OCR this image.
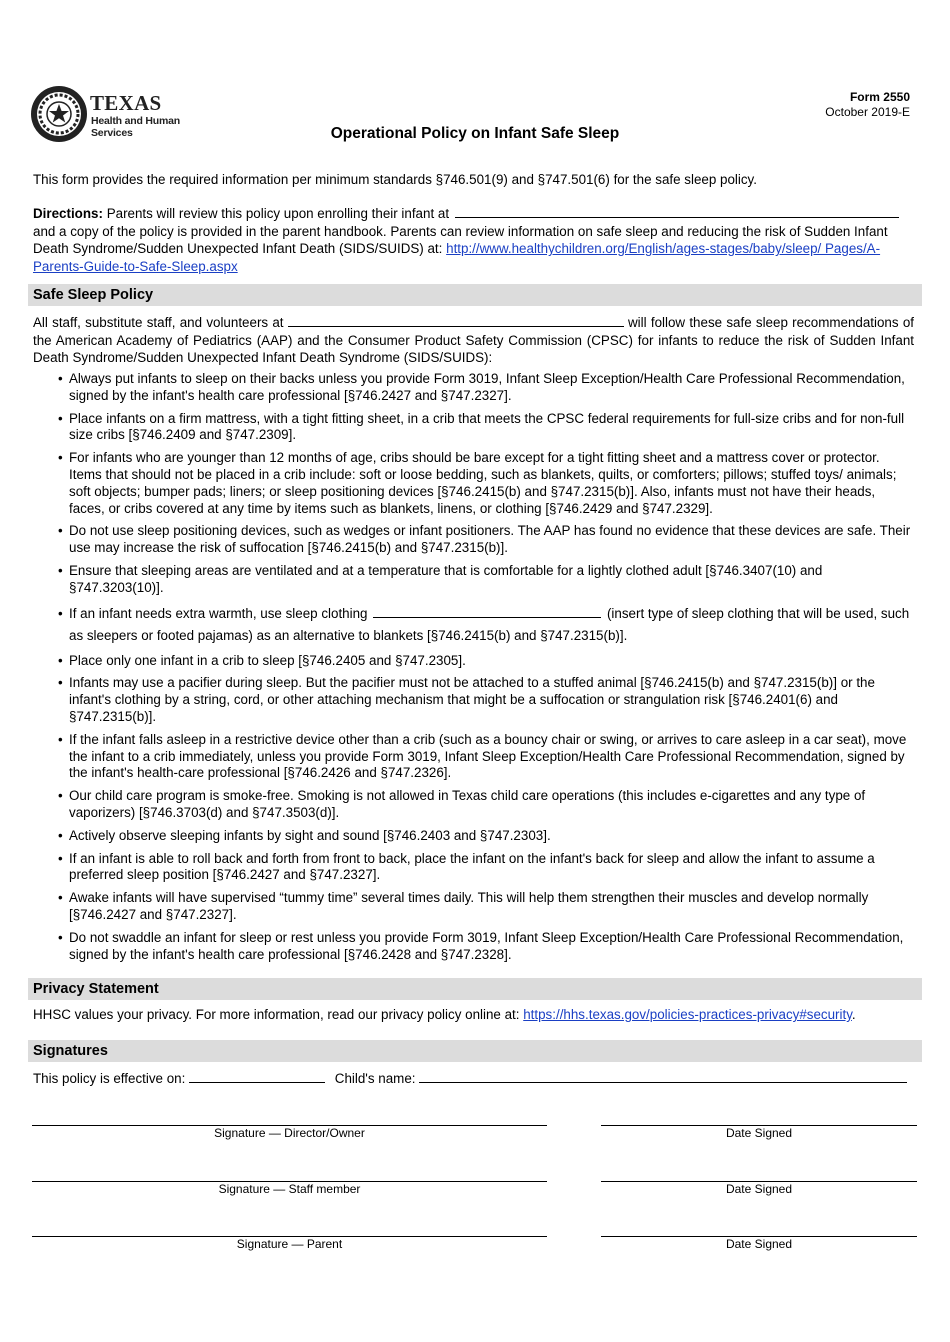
TEXAS
Health and Human
Services
Form 2550
October 2019-E
Operational Policy on Infant Safe Sleep
This form provides the required information per minimum standards §746.501(9) and §747.501(6) for the safe sleep policy.
Directions: Parents will review this policy upon enrolling their infant at
and a copy of the policy is provided in the parent handbook. Parents can review information on safe sleep and reducing the risk of Sudden Infant Death Syndrome/Sudden Unexpected Infant Death (SIDS/SUIDS) at: http://www.healthychildren.org/English/ages-stages/baby/sleep/ Pages/A-Parents-Guide-to-Safe-Sleep.aspx
Safe Sleep Policy
All staff, substitute staff, and volunteers at	will follow these safe sleep recommendations of the American Academy of Pediatrics (AAP) and the Consumer Product Safety Commission (CPSC) for infants to reduce the risk of Sudden Infant Death Syndrome/Sudden Unexpected Infant Death Syndrome (SIDS/SUIDS):
• Always put infants to sleep on their backs unless you provide Form 3019, Infant Sleep Exception/Health Care Professional Recommendation, signed by the infant's health care professional [§746.2427 and §747.2327].
• Place infants on a firm mattress, with a tight fitting sheet, in a crib that meets the CPSC federal requirements for full-size cribs and for non-full size cribs [§746.2409 and §747.2309].
• For infants who are younger than 12 months of age, cribs should be bare except for a tight fitting sheet and a mattress cover or protector. Items that should not be placed in a crib include: soft or loose bedding, such as blankets, quilts, or comforters; pillows; stuffed toys/ animals; soft objects; bumper pads; liners; or sleep positioning devices [§746.2415(b) and §747.2315(b)]. Also, infants must not have their heads, faces, or cribs covered at any time by items such as blankets, linens, or clothing [§746.2429 and §747.2329].
• Do not use sleep positioning devices, such as wedges or infant positioners. The AAP has found no evidence that these devices are safe. Their use may increase the risk of suffocation [§746.2415(b) and §747.2315(b)].
• Ensure that sleeping areas are ventilated and at a temperature that is comfortable for a lightly clothed adult [§746.3407(10) and §747.3203(10)].
• If an infant needs extra warmth, use sleep clothing	(insert type of sleep clothing that will be used, such as sleepers or footed pajamas) as an alternative to blankets [§746.2415(b) and §747.2315(b)].
• Place only one infant in a crib to sleep [§746.2405 and §747.2305].
• Infants may use a pacifier during sleep. But the pacifier must not be attached to a stuffed animal [§746.2415(b) and §747.2315(b)] or the infant's clothing by a string, cord, or other attaching mechanism that might be a suffocation or strangulation risk [§746.2401(6) and §747.2315(b)].
• If the infant falls asleep in a restrictive device other than a crib (such as a bouncy chair or swing, or arrives to care asleep in a car seat), move the infant to a crib immediately, unless you provide Form 3019, Infant Sleep Exception/Health Care Professional Recommendation, signed by the infant's health-care professional [§746.2426 and §747.2326].
• Our child care program is smoke-free. Smoking is not allowed in Texas child care operations (this includes e-cigarettes and any type of vaporizers) [§746.3703(d) and §747.3503(d)].
• Actively observe sleeping infants by sight and sound [§746.2403 and §747.2303].
• If an infant is able to roll back and forth from front to back, place the infant on the infant's back for sleep and allow the infant to assume a preferred sleep position [§746.2427 and §747.2327].
• Awake infants will have supervised “tummy time” several times daily. This will help them strengthen their muscles and develop normally [§746.2427 and §747.2327].
• Do not swaddle an infant for sleep or rest unless you provide Form 3019, Infant Sleep Exception/Health Care Professional Recommendation, signed by the infant's health care professional [§746.2428 and §747.2328].
Privacy Statement
HHSC values your privacy. For more information, read our privacy policy online at: https://hhs.texas.gov/policies-practices-privacy#security.
Signatures
This policy is effective on:	Child's name:
Signature — Director/Owner	Date Signed
Signature — Staff member	Date Signed
Signature — Parent	Date Signed
